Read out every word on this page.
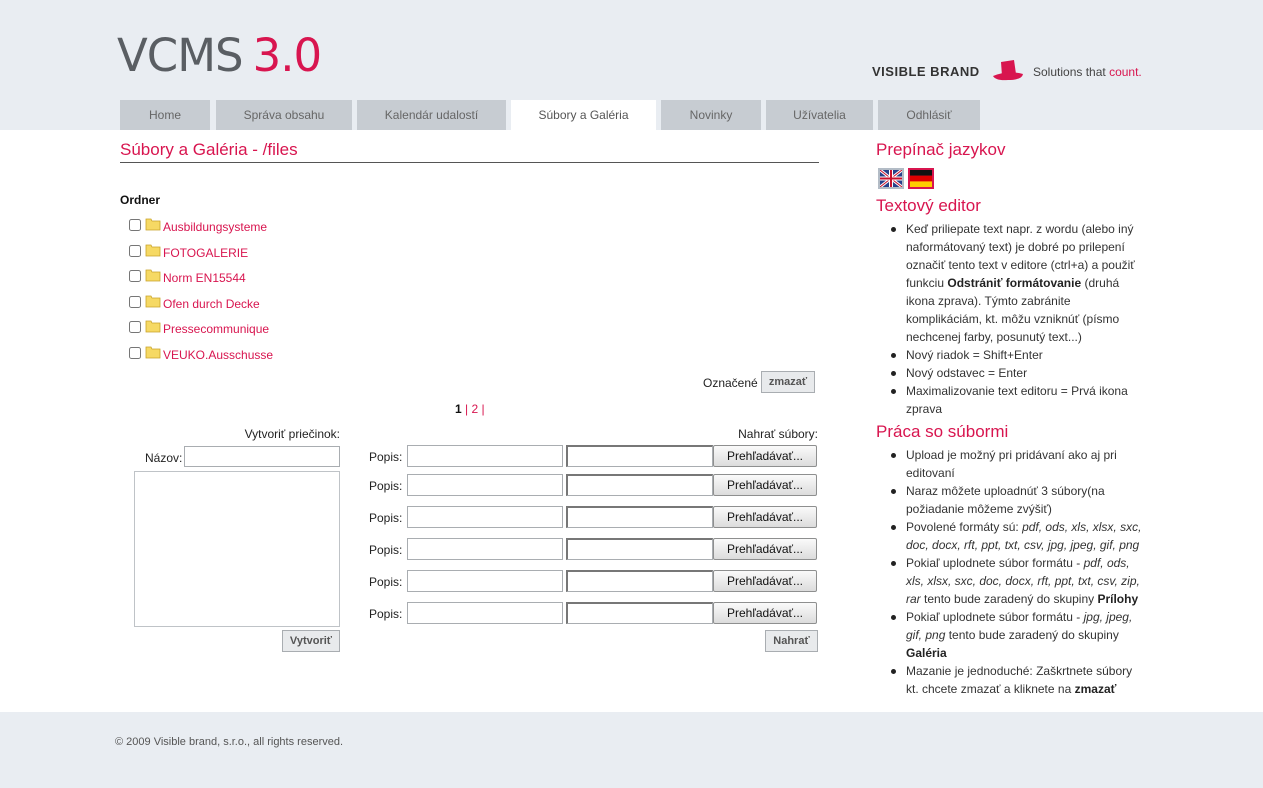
VCMS 3.0	VISIBLE BRAND	Solutions that count.
Home	Správa obsahu	Kalendár udalostí	Súbory a Galéria	Novinky	Užívatelia	Odhlásiť
Súbory a Galéria - /files
Ordner
Ausbildungsysteme
FOTOGALERIE
Norm EN15544
Ofen durch Decke
Pressecommunique
VEUKO.Ausschusse
Označené	zmazať
1 | 2 |
Vytvoriť priečinok:
Názov:
Vytvoriť
Nahrať súbory:
Popis:	Prehľadávať...
Popis:	Prehľadávať...
Popis:	Prehľadávať...
Popis:	Prehľadávať...
Popis:	Prehľadávať...
Popis:	Prehľadávať...
Nahrať
Prepínač jazykov
Textový editor
Keď priliepate text napr. z wordu (alebo iný naformátovaný text) je dobré po prilepení označiť tento text v editore (ctrl+a) a použiť funkciu Odstrániť formátovanie (druhá ikona zprava). Týmto zabránite komplikáciám, kt. môžu vzniknúť (písmo nechcenej farby, posunutý text...)
Nový riadok = Shift+Enter
Nový odstavec = Enter
Maximalizovanie text editoru = Prvá ikona zprava
Práca so súbormi
Upload je možný pri pridávaní ako aj pri editovaní
Naraz môžete uploadnúť 3 súbory(na požiadanie môžeme zvýšiť)
Povolené formáty sú: pdf, ods, xls, xlsx, sxc, doc, docx, rft, ppt, txt, csv, jpg, jpeg, gif, png
Pokiaľ uplodnete súbor formátu - pdf, ods, xls, xlsx, sxc, doc, docx, rft, ppt, txt, csv, zip, rar tento bude zaradený do skupiny Prílohy
Pokiaľ uplodnete súbor formátu - jpg, jpeg, gif, png tento bude zaradený do skupiny Galéria
Mazanie je jednoduché: Zaškrtnete súbory kt. chcete zmazať a kliknete na zmazať
© 2009 Visible brand, s.r.o., all rights reserved.
